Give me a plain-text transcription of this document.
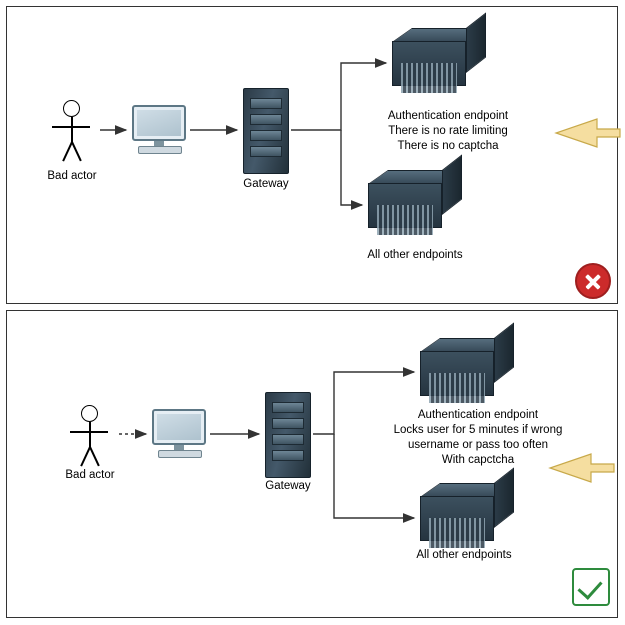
Bad actor
Gateway
All other endpoints
Authentication endpoint
There is no rate limiting
There is no captcha
Bad actor
Gateway
All other endpoints
Authentication endpoint
Locks user for 5 minutes if wrong
username or pass too often
With capctcha
